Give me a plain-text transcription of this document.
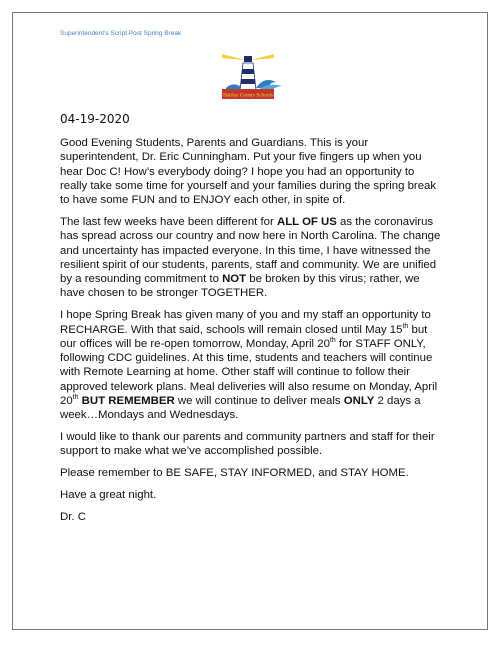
Superintendent's Script Post Spring Break
Halifax County Schools
04-19-2020

Good Evening Students, Parents and Guardians. This is your superintendent, Dr. Eric Cunningham. Put your five fingers up when you hear Doc C! How’s everybody doing? I hope you had an opportunity to really take some time for yourself and your families during the spring break to have some FUN and to ENJOY each other, in spite of.

The last few weeks have been different for ALL OF US as the coronavirus has spread across our country and now here in North Carolina. The change and uncertainty has impacted everyone. In this time, I have witnessed the resilient spirit of our students, parents, staff and community. We are unified by a resounding commitment to NOT be broken by this virus; rather, we have chosen to be stronger TOGETHER.

I hope Spring Break has given many of you and my staff an opportunity to RECHARGE. With that said, schools will remain closed until May 15th but our offices will be re-open tomorrow, Monday, April 20th for STAFF ONLY, following CDC guidelines. At this time, students and teachers will continue with Remote Learning at home. Other staff will continue to follow their approved telework plans. Meal deliveries will also resume on Monday, April 20th BUT REMEMBER we will continue to deliver meals ONLY 2 days a week…Mondays and Wednesdays.

I would like to thank our parents and community partners and staff for their support to make what we’ve accomplished possible.

Please remember to BE SAFE, STAY INFORMED, and STAY HOME.

Have a great night.

Dr. C
